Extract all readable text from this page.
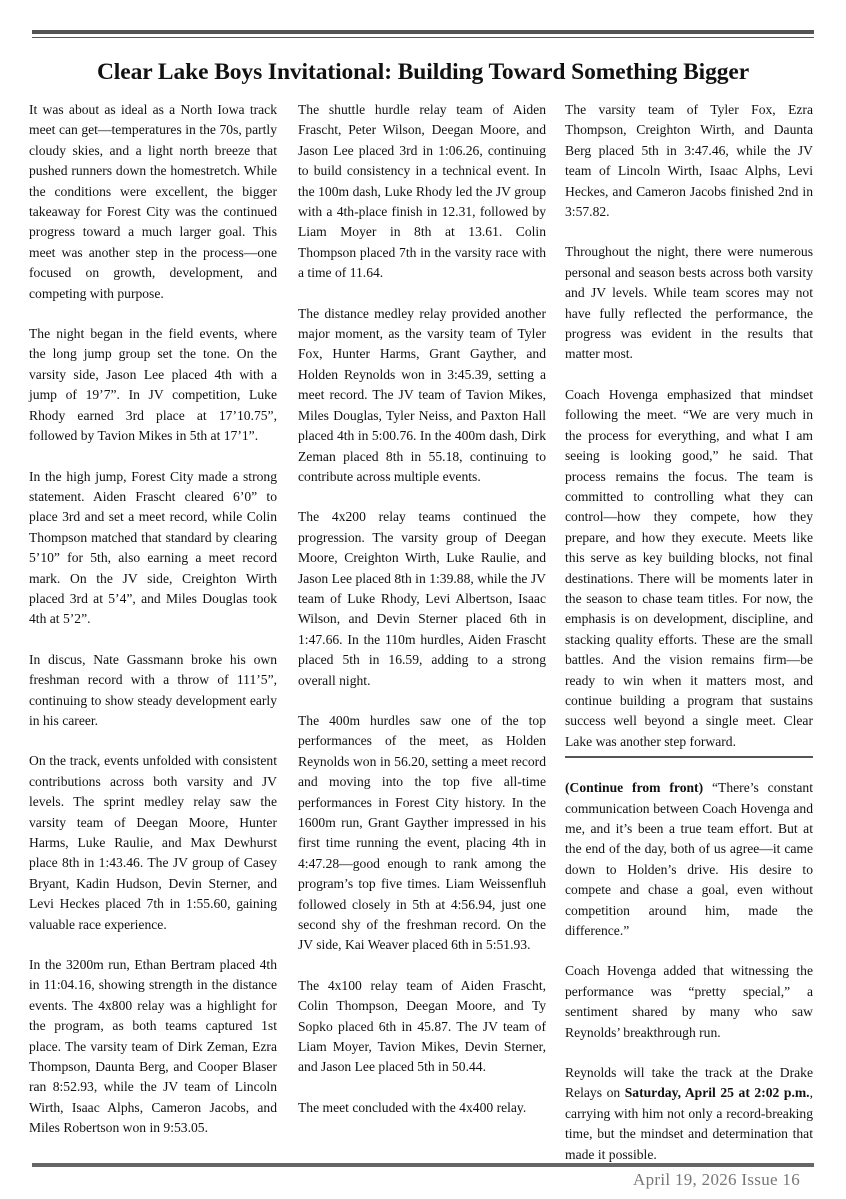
Clear Lake Boys Invitational: Building Toward Something Bigger

It was about as ideal as a North Iowa track meet can get—temperatures in the 70s, partly cloudy skies, and a light north breeze that pushed runners down the homestretch. While the conditions were excellent, the bigger takeaway for Forest City was the continued progress toward a much larger goal. This meet was another step in the process—one focused on growth, development, and competing with purpose.

The night began in the field events, where the long jump group set the tone. On the varsity side, Jason Lee placed 4th with a jump of 19’7”. In JV competition, Luke Rhody earned 3rd place at 17’10.75”, followed by Tavion Mikes in 5th at 17’1”.

In the high jump, Forest City made a strong statement. Aiden Frascht cleared 6’0” to place 3rd and set a meet record, while Colin Thompson matched that standard by clearing 5’10” for 5th, also earning a meet record mark. On the JV side, Creighton Wirth placed 3rd at 5’4”, and Miles Douglas took 4th at 5’2”.

In discus, Nate Gassmann broke his own freshman record with a throw of 111’5”, continuing to show steady development early in his career.

On the track, events unfolded with consistent contributions across both varsity and JV levels. The sprint medley relay saw the varsity team of Deegan Moore, Hunter Harms, Luke Raulie, and Max Dewhurst place 8th in 1:43.46. The JV group of Casey Bryant, Kadin Hudson, Devin Sterner, and Levi Heckes placed 7th in 1:55.60, gaining valuable race experience.

In the 3200m run, Ethan Bertram placed 4th in 11:04.16, showing strength in the distance events. The 4x800 relay was a highlight for the program, as both teams captured 1st place. The varsity team of Dirk Zeman, Ezra Thompson, Daunta Berg, and Cooper Blaser ran 8:52.93, while the JV team of Lincoln Wirth, Isaac Alphs, Cameron Jacobs, and Miles Robertson won in 9:53.05.

The shuttle hurdle relay team of Aiden Frascht, Peter Wilson, Deegan Moore, and Jason Lee placed 3rd in 1:06.26, continuing to build consistency in a technical event. In the 100m dash, Luke Rhody led the JV group with a 4th-place finish in 12.31, followed by Liam Moyer in 8th at 13.61. Colin Thompson placed 7th in the varsity race with a time of 11.64.

The distance medley relay provided another major moment, as the varsity team of Tyler Fox, Hunter Harms, Grant Gayther, and Holden Reynolds won in 3:45.39, setting a meet record. The JV team of Tavion Mikes, Miles Douglas, Tyler Neiss, and Paxton Hall placed 4th in 5:00.76. In the 400m dash, Dirk Zeman placed 8th in 55.18, continuing to contribute across multiple events.

The 4x200 relay teams continued the progression. The varsity group of Deegan Moore, Creighton Wirth, Luke Raulie, and Jason Lee placed 8th in 1:39.88, while the JV team of Luke Rhody, Levi Albertson, Isaac Wilson, and Devin Sterner placed 6th in 1:47.66. In the 110m hurdles, Aiden Frascht placed 5th in 16.59, adding to a strong overall night.

The 400m hurdles saw one of the top performances of the meet, as Holden Reynolds won in 56.20, setting a meet record and moving into the top five all-time performances in Forest City history. In the 1600m run, Grant Gayther impressed in his first time running the event, placing 4th in 4:47.28—good enough to rank among the program’s top five times. Liam Weissenfluh followed closely in 5th at 4:56.94, just one second shy of the freshman record. On the JV side, Kai Weaver placed 6th in 5:51.93.

The 4x100 relay team of Aiden Frascht, Colin Thompson, Deegan Moore, and Ty Sopko placed 6th in 45.87. The JV team of Liam Moyer, Tavion Mikes, Devin Sterner, and Jason Lee placed 5th in 50.44.

The meet concluded with the 4x400 relay.

The varsity team of Tyler Fox, Ezra Thompson, Creighton Wirth, and Daunta Berg placed 5th in 3:47.46, while the JV team of Lincoln Wirth, Isaac Alphs, Levi Heckes, and Cameron Jacobs finished 2nd in 3:57.82.

Throughout the night, there were numerous personal and season bests across both varsity and JV levels. While team scores may not have fully reflected the performance, the progress was evident in the results that matter most.

Coach Hovenga emphasized that mindset following the meet. “We are very much in the process for everything, and what I am seeing is looking good,” he said. That process remains the focus. The team is committed to controlling what they can control—how they compete, how they prepare, and how they execute. Meets like this serve as key building blocks, not final destinations. There will be moments later in the season to chase team titles. For now, the emphasis is on development, discipline, and stacking quality efforts. These are the small battles. And the vision remains firm—be ready to win when it matters most, and continue building a program that sustains success well beyond a single meet. Clear Lake was another step forward.

(Continue from front) “There’s constant communication between Coach Hovenga and me, and it’s been a true team effort. But at the end of the day, both of us agree—it came down to Holden’s drive. His desire to compete and chase a goal, even without competition around him, made the difference.”

Coach Hovenga added that witnessing the performance was “pretty special,” a sentiment shared by many who saw Reynolds’ breakthrough run.

Reynolds will take the track at the Drake Relays on Saturday, April 25 at 2:02 p.m., carrying with him not only a record-breaking time, but the mindset and determination that made it possible.

April 19, 2026 Issue 16
